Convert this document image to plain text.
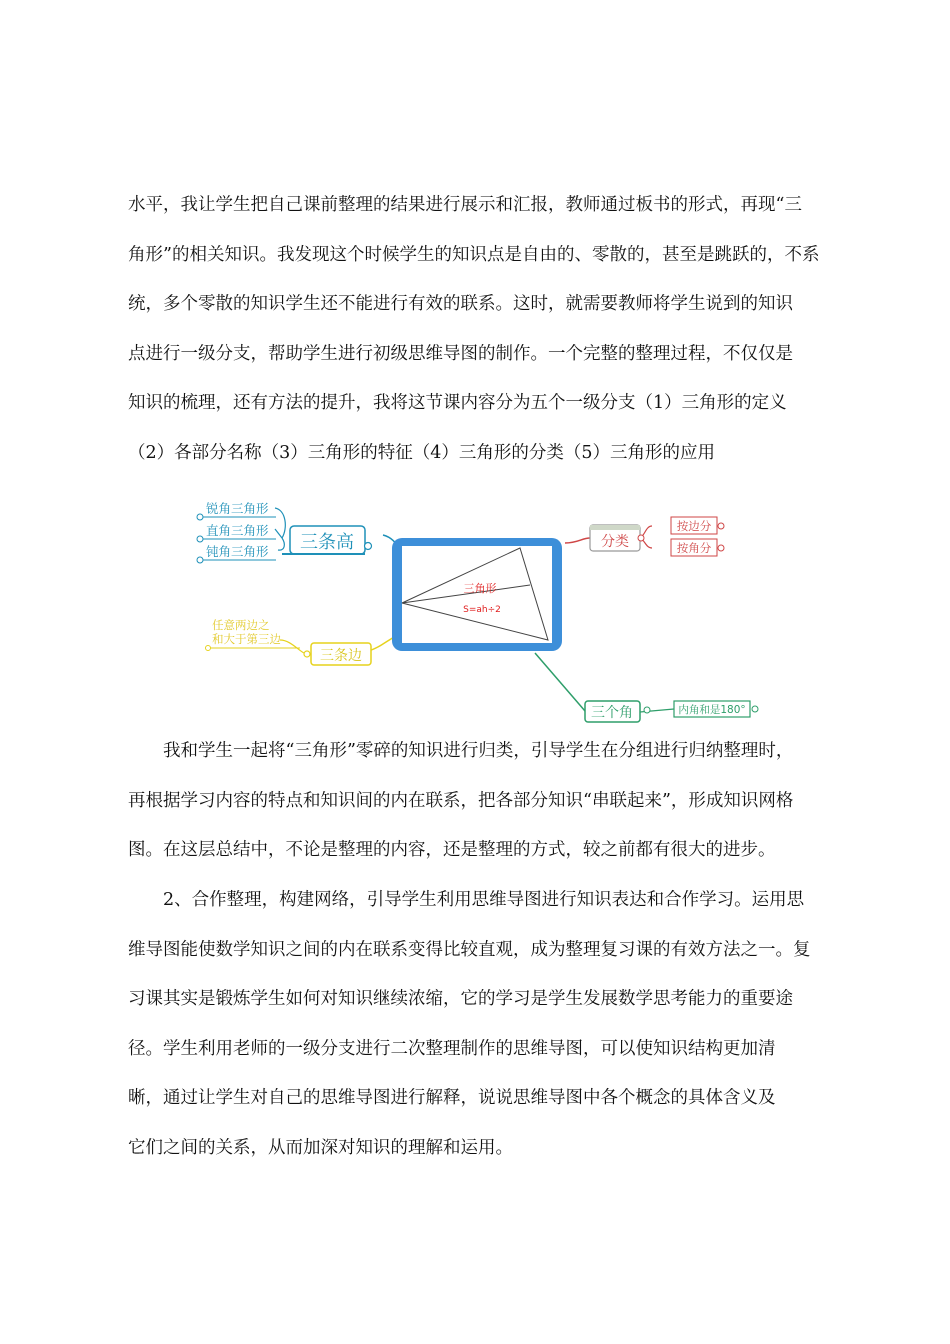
水平，我让学生把自己课前整理的结果进行展示和汇报，教师通过板书的形式，再现“三
角形”的相关知识。我发现这个时候学生的知识点是自由的、零散的，甚至是跳跃的，不系
统，多个零散的知识学生还不能进行有效的联系。这时，就需要教师将学生说到的知识
点进行一级分支，帮助学生进行初级思维导图的制作。一个完整的整理过程，不仅仅是
知识的梳理，还有方法的提升，我将这节课内容分为五个一级分支（1）三角形的定义
（2）各部分名称（3）三角形的特征（4）三角形的分类（5）三角形的应用
三角形
S=ah÷2
三条高
锐角三角形
直角三角形
钝角三角形
三条边
任意两边之
和大于第三边
分类
按边分
按角分
三个角	内角和是180°
我和学生一起将“三角形”零碎的知识进行归类，引导学生在分组进行归纳整理时，
再根据学习内容的特点和知识间的内在联系，把各部分知识“串联起来”，形成知识网格
图。在这层总结中，不论是整理的内容，还是整理的方式，较之前都有很大的进步。
2、合作整理，构建网络，引导学生利用思维导图进行知识表达和合作学习。运用思
维导图能使数学知识之间的内在联系变得比较直观，成为整理复习课的有效方法之一。复
习课其实是锻炼学生如何对知识继续浓缩，它的学习是学生发展数学思考能力的重要途
径。学生利用老师的一级分支进行二次整理制作的思维导图，可以使知识结构更加清
晰，通过让学生对自己的思维导图进行解释，说说思维导图中各个概念的具体含义及
它们之间的关系，从而加深对知识的理解和运用。
